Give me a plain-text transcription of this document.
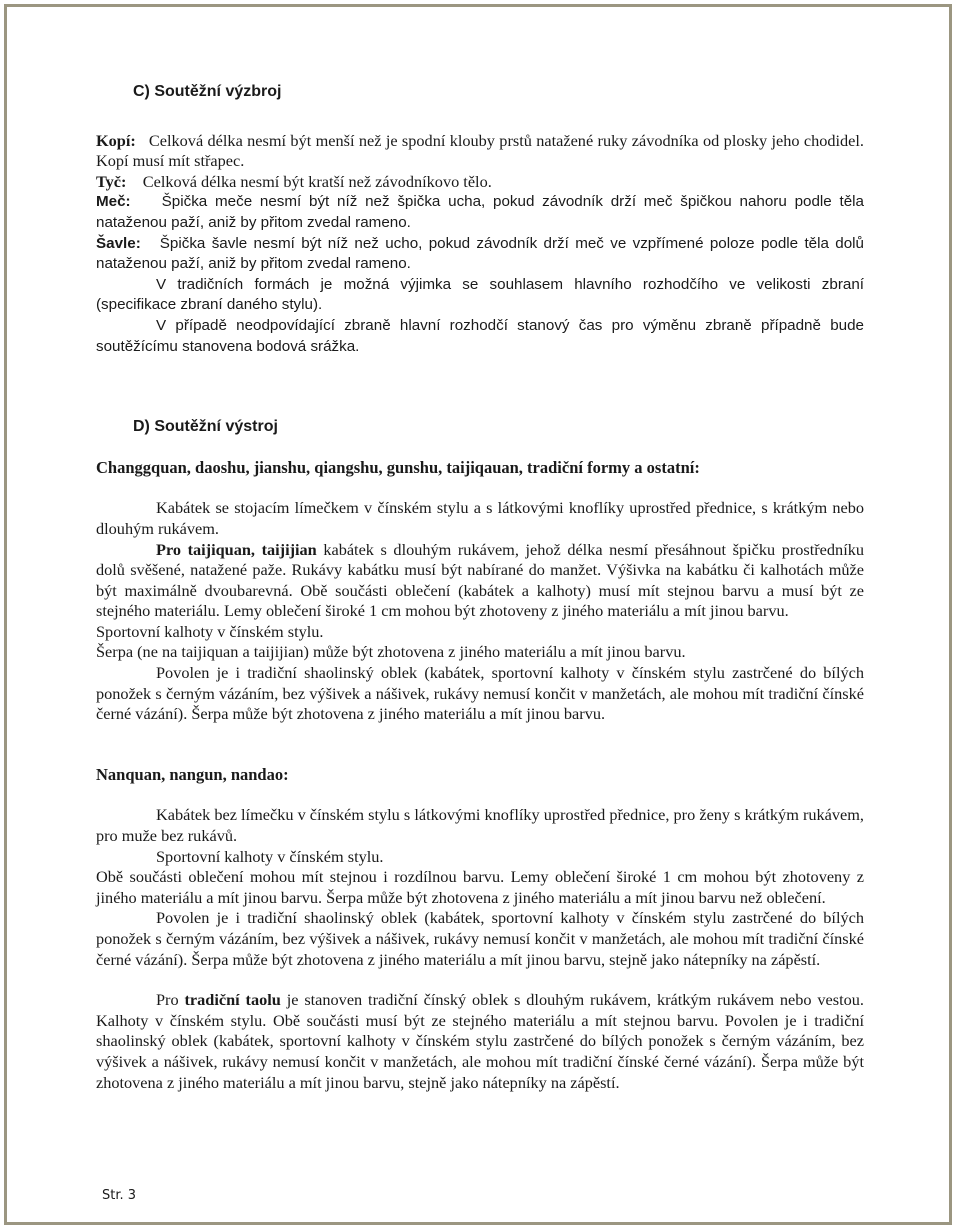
C) Soutěžní výzbroj

Kopí: Celková délka nesmí být menší než je spodní klouby prstů natažené ruky závodníka od plosky jeho chodidel. Kopí musí mít střapec.

Tyč: Celková délka nesmí být kratší než závodníkovo tělo.

Meč: Špička meče nesmí být níž než špička ucha, pokud závodník drží meč špičkou nahoru podle těla nataženou paží, aniž by přitom zvedal rameno.

Šavle: Špička šavle nesmí být níž než ucho, pokud závodník drží meč ve vzpřímené poloze podle těla dolů nataženou paží, aniž by přitom zvedal rameno.

V tradičních formách je možná výjimka se souhlasem hlavního rozhodčího ve velikosti zbraní (specifikace zbraní daného stylu).

V případě neodpovídající zbraně hlavní rozhodčí stanový čas pro výměnu zbraně případně bude soutěžícímu stanovena bodová srážka.

D) Soutěžní výstroj

Changgquan, daoshu, jianshu, qiangshu, gunshu, taijiqauan, tradiční formy a ostatní:

Kabátek se stojacím límečkem v čínském stylu a s látkovými knoflíky uprostřed přednice, s krátkým nebo dlouhým rukávem.

Pro taijiquan, taijijian kabátek s dlouhým rukávem, jehož délka nesmí přesáhnout špičku prostředníku dolů svěšené, natažené paže. Rukávy kabátku musí být nabírané do manžet. Výšivka na kabátku či kalhotách může být maximálně dvoubarevná. Obě součásti oblečení (kabátek a kalhoty) musí mít stejnou barvu a musí být ze stejného materiálu. Lemy oblečení široké 1 cm mohou být zhotoveny z jiného materiálu a mít jinou barvu.

Sportovní kalhoty v čínském stylu.

Šerpa (ne na taijiquan a taijijian) může být zhotovena z jiného materiálu a mít jinou barvu.

Povolen je i tradiční shaolinský oblek (kabátek, sportovní kalhoty v čínském stylu zastrčené do bílých ponožek s černým vázáním, bez výšivek a nášivek, rukávy nemusí končit v manžetách, ale mohou mít tradiční čínské černé vázání). Šerpa může být zhotovena z jiného materiálu a mít jinou barvu.

Nanquan, nangun, nandao:

Kabátek bez límečku v čínském stylu s látkovými knoflíky uprostřed přednice, pro ženy s krátkým rukávem, pro muže bez rukávů.

Sportovní kalhoty v čínském stylu.

Obě součásti oblečení mohou mít stejnou i rozdílnou barvu. Lemy oblečení široké 1 cm mohou být zhotoveny z jiného materiálu a mít jinou barvu. Šerpa může být zhotovena z jiného materiálu a mít jinou barvu než oblečení.

Povolen je i tradiční shaolinský oblek (kabátek, sportovní kalhoty v čínském stylu zastrčené do bílých ponožek s černým vázáním, bez výšivek a nášivek, rukávy nemusí končit v manžetách, ale mohou mít tradiční čínské černé vázání). Šerpa může být zhotovena z jiného materiálu a mít jinou barvu, stejně jako nátepníky na zápěstí.

Pro tradiční taolu je stanoven tradiční čínský oblek s dlouhým rukávem, krátkým rukávem nebo vestou. Kalhoty v čínském stylu. Obě součásti musí být ze stejného materiálu a mít stejnou barvu. Povolen je i tradiční shaolinský oblek (kabátek, sportovní kalhoty v čínském stylu zastrčené do bílých ponožek s černým vázáním, bez výšivek a nášivek, rukávy nemusí končit v manžetách, ale mohou mít tradiční čínské černé vázání). Šerpa může být zhotovena z jiného materiálu a mít jinou barvu, stejně jako nátepníky na zápěstí.

Str. 3
